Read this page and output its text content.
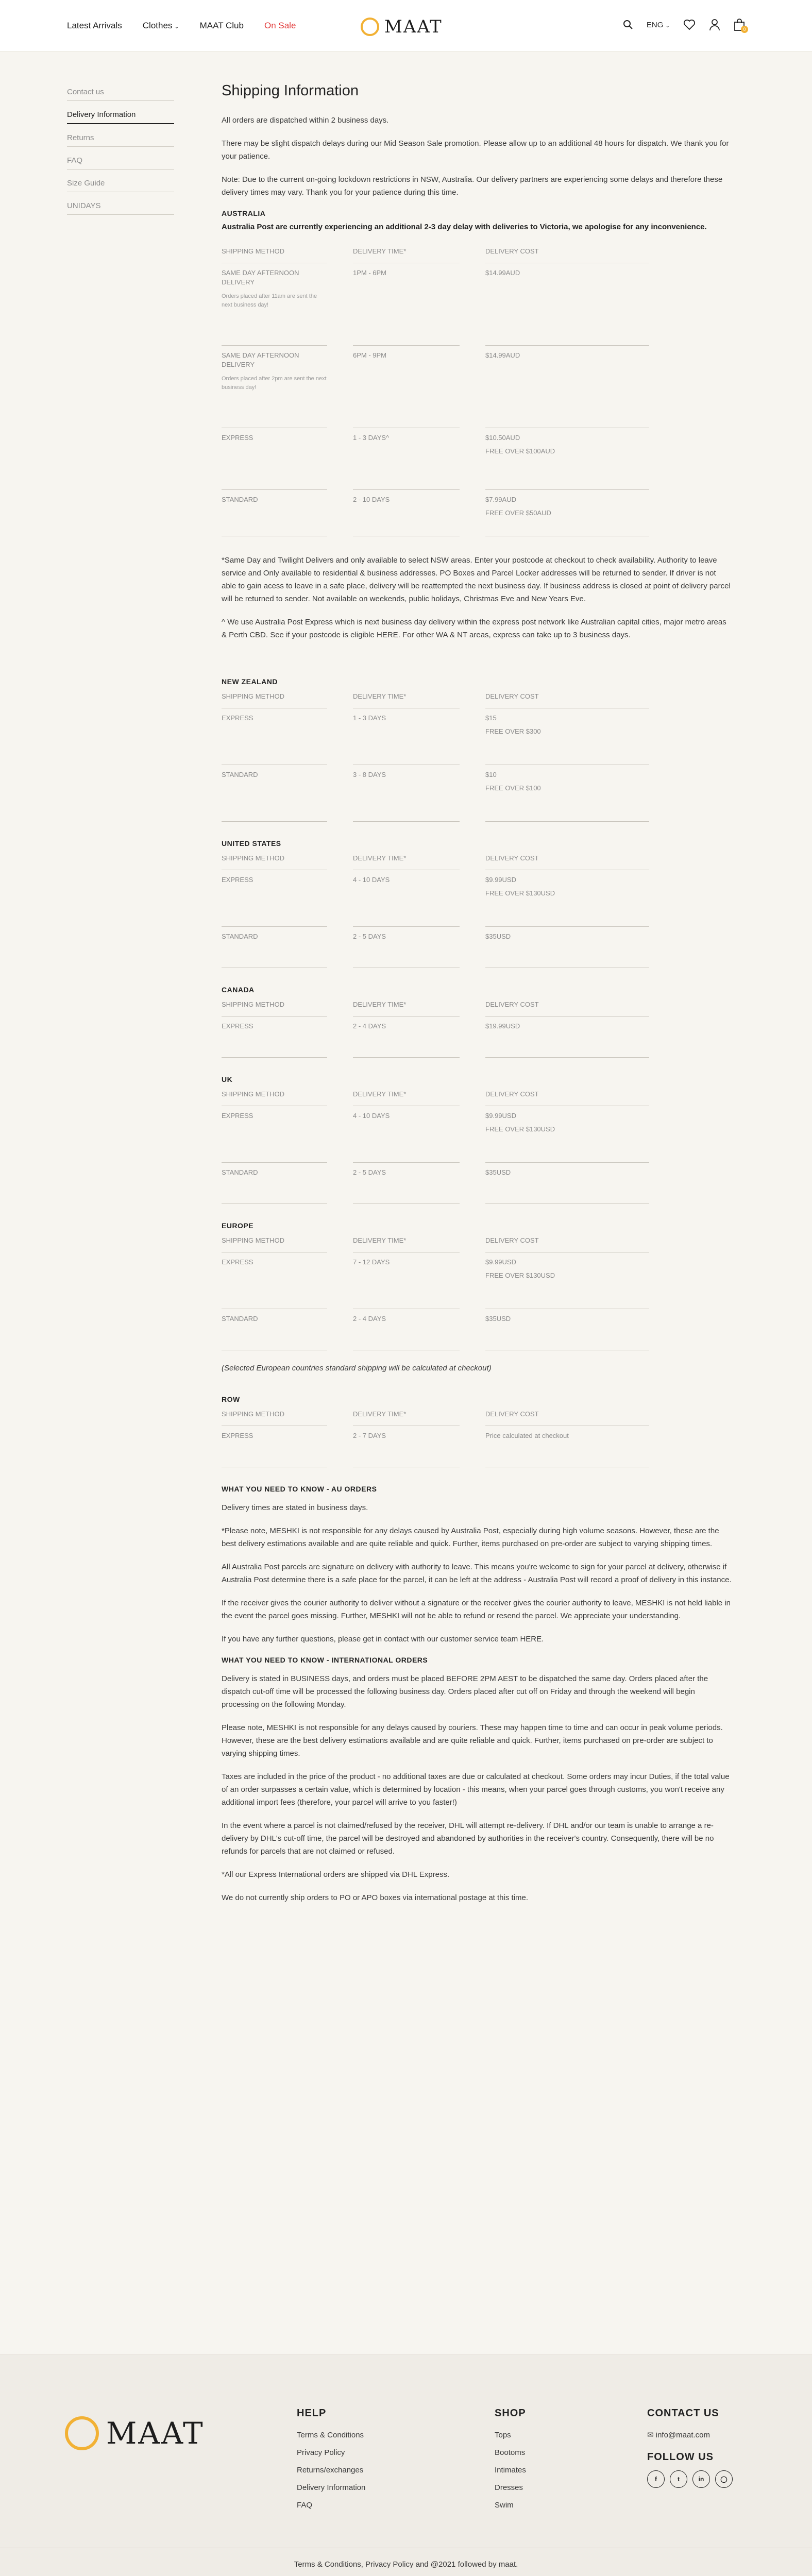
Latest Arrivals Clothes ⌄ MAAT Club On Sale	MAAT	ENG ⌄
0
Contact us
Delivery Information
Returns
FAQ
Size Guide
UNIDAYS
Shipping Information

All orders are dispatched within 2 business days.

There may be slight dispatch delays during our Mid Season Sale promotion. Please allow up to an additional 48 hours for dispatch. We thank you for your patience.

Note: Due to the current on-going lockdown restrictions in NSW, Australia. Our delivery partners are experiencing some delays and therefore these delivery times may vary. Thank you for your patience during this time.

AUSTRALIA

Australia Post are currently experiencing an additional 2-3 day delay with deliveries to Victoria, we apologise for any inconvenience.

SHIPPING METHOD	DELIVERY TIME*	DELIVERY COST
SAME DAY AFTERNOON DELIVERY
Orders placed after 11am are sent the next business day!
1PM - 6PM	$14.99AUD
SAME DAY AFTERNOON DELIVERY
Orders placed after 2pm are sent the next business day!
6PM - 9PM	$14.99AUD
EXPRESS	1 - 3 DAYS^	$10.50AUD
FREE OVER $100AUD
STANDARD	2 - 10 DAYS	$7.99AUD
FREE OVER $50AUD

*Same Day and Twilight Delivers and only available to select NSW areas. Enter your postcode at checkout to check availability. Authority to leave service and Only available to residential & business addresses. PO Boxes and Parcel Locker addresses will be returned to sender. If driver is not able to gain acess to leave in a safe place, delivery will be reattempted the next business day. If business address is closed at point of delivery parcel will be returned to sender. Not available on weekends, public holidays, Christmas Eve and New Years Eve.

^ We use Australia Post Express which is next business day delivery within the express post network like Australian capital cities, major metro areas & Perth CBD. See if your postcode is eligible HERE. For other WA & NT areas, express can take up to 3 business days.

NEW ZEALAND
SHIPPING METHOD	DELIVERY TIME*	DELIVERY COST
EXPRESS	1 - 3 DAYS	$15
FREE OVER $300
STANDARD	3 - 8 DAYS	$10
FREE OVER $100
UNITED STATES
SHIPPING METHOD	DELIVERY TIME*	DELIVERY COST
EXPRESS	4 - 10 DAYS	$9.99USD
FREE OVER $130USD
STANDARD	2 - 5 DAYS	$35USD
CANADA
SHIPPING METHOD	DELIVERY TIME*	DELIVERY COST
EXPRESS	2 - 4 DAYS	$19.99USD
UK
SHIPPING METHOD	DELIVERY TIME*	DELIVERY COST
EXPRESS	4 - 10 DAYS	$9.99USD
FREE OVER $130USD
STANDARD	2 - 5 DAYS	$35USD
EUROPE
SHIPPING METHOD	DELIVERY TIME*	DELIVERY COST
EXPRESS	7 - 12 DAYS	$9.99USD
FREE OVER $130USD
STANDARD	2 - 4 DAYS	$35USD

(Selected European countries standard shipping will be calculated at checkout)

ROW
SHIPPING METHOD	DELIVERY TIME*	DELIVERY COST
EXPRESS	2 - 7 DAYS	Price calculated at checkout
WHAT YOU NEED TO KNOW - AU ORDERS

Delivery times are stated in business days.

*Please note, MESHKI is not responsible for any delays caused by Australia Post, especially during high volume seasons. However, these are the best delivery estimations available and are quite reliable and quick. Further, items purchased on pre-order are subject to varying shipping times.

All Australia Post parcels are signature on delivery with authority to leave. This means you're welcome to sign for your parcel at delivery, otherwise if Australia Post determine there is a safe place for the parcel, it can be left at the address - Australia Post will record a proof of delivery in this instance.

If the receiver gives the courier authority to deliver without a signature or the receiver gives the courier authority to leave, MESHKI is not held liable in the event the parcel goes missing. Further, MESHKI will not be able to refund or resend the parcel. We appreciate your understanding.

If you have any further questions, please get in contact with our customer service team HERE.

WHAT YOU NEED TO KNOW - INTERNATIONAL ORDERS

Delivery is stated in BUSINESS days, and orders must be placed BEFORE 2PM AEST to be dispatched the same day. Orders placed after the dispatch cut-off time will be processed the following business day. Orders placed after cut off on Friday and through the weekend will begin processing on the following Monday.

Please note, MESHKI is not responsible for any delays caused by couriers. These may happen time to time and can occur in peak volume periods. However, these are the best delivery estimations available and are quite reliable and quick. Further, items purchased on pre-order are subject to varying shipping times.

Taxes are included in the price of the product - no additional taxes are due or calculated at checkout. Some orders may incur Duties, if the total value of an order surpasses a certain value, which is determined by location - this means, when your parcel goes through customs, you won't receive any additional import fees (therefore, your parcel will arrive to you faster!)

In the event where a parcel is not claimed/refused by the receiver, DHL will attempt re-delivery. If DHL and/or our team is unable to arrange a re-delivery by DHL's cut-off time, the parcel will be destroyed and abandoned by authorities in the receiver's country. Consequently, there will be no refunds for parcels that are not claimed or refused.

*All our Express International orders are shipped via DHL Express.

We do not currently ship orders to PO or APO boxes via international postage at this time.

MAAT
HELP
Terms & Conditions
Privacy Policy
Returns/exchanges
Delivery Information
FAQ
SHOP
Tops
Bootoms
Intimates
Dresses
Swim
CONTACT US
✉ info@maat.com
FOLLOW US
f	t	in	◯
Terms & Conditions, Privacy Policy and @2021 followed by maat.
